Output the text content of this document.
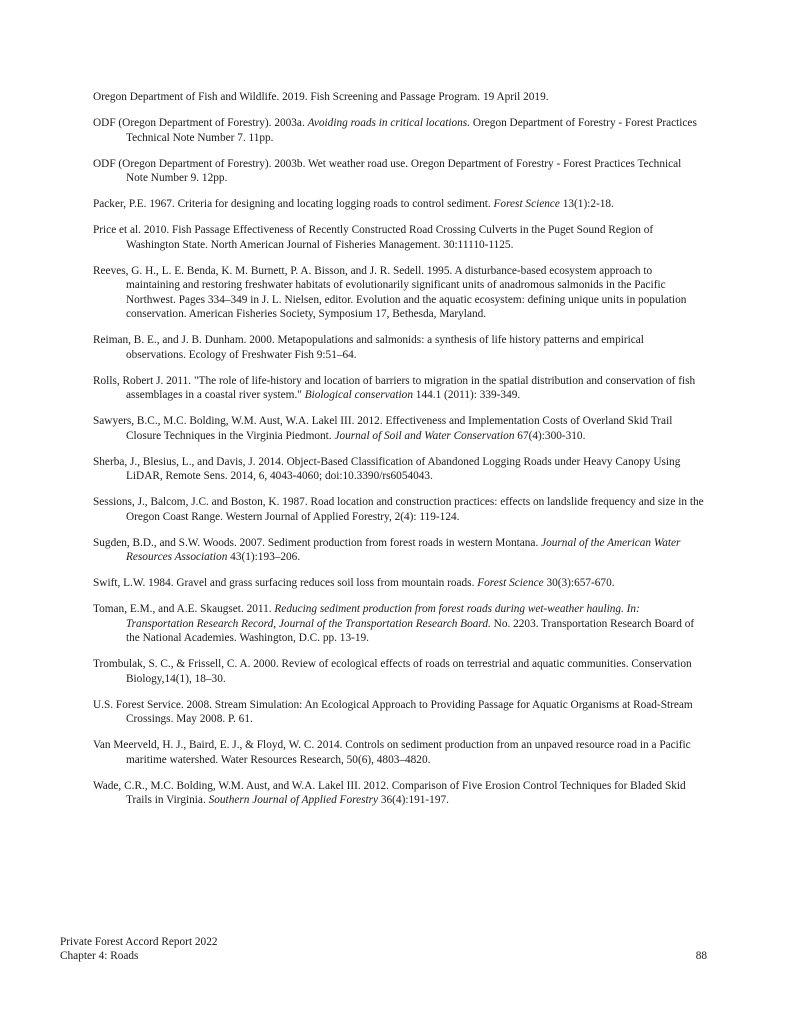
Oregon Department of Fish and Wildlife. 2019. Fish Screening and Passage Program. 19 April 2019.

ODF (Oregon Department of Forestry). 2003a. Avoiding roads in critical locations. Oregon Department of Forestry - Forest Practices Technical Note Number 7. 11pp.

ODF (Oregon Department of Forestry). 2003b. Wet weather road use. Oregon Department of Forestry - Forest Practices Technical Note Number 9. 12pp.

Packer, P.E. 1967. Criteria for designing and locating logging roads to control sediment. Forest Science 13(1):2-18.

Price et al. 2010. Fish Passage Effectiveness of Recently Constructed Road Crossing Culverts in the Puget Sound Region of Washington State. North American Journal of Fisheries Management. 30:11110-1125.

Reeves, G. H., L. E. Benda, K. M. Burnett, P. A. Bisson, and J. R. Sedell. 1995. A disturbance-based ecosystem approach to maintaining and restoring freshwater habitats of evolutionarily significant units of anadromous salmonids in the Pacific Northwest. Pages 334–349 in J. L. Nielsen, editor. Evolution and the aquatic ecosystem: defining unique units in population conservation. American Fisheries Society, Symposium 17, Bethesda, Maryland.

Reiman, B. E., and J. B. Dunham. 2000. Metapopulations and salmonids: a synthesis of life history patterns and empirical observations. Ecology of Freshwater Fish 9:51–64.

Rolls, Robert J. 2011. "The role of life-history and location of barriers to migration in the spatial distribution and conservation of fish assemblages in a coastal river system." Biological conservation 144.1 (2011): 339-349.

Sawyers, B.C., M.C. Bolding, W.M. Aust, W.A. Lakel III. 2012. Effectiveness and Implementation Costs of Overland Skid Trail Closure Techniques in the Virginia Piedmont. Journal of Soil and Water Conservation 67(4):300-310.

Sherba, J., Blesius, L., and Davis, J. 2014. Object-Based Classification of Abandoned Logging Roads under Heavy Canopy Using LiDAR, Remote Sens. 2014, 6, 4043-4060; doi:10.3390/rs6054043.

Sessions, J., Balcom, J.C. and Boston, K. 1987. Road location and construction practices: effects on landslide frequency and size in the Oregon Coast Range. Western Journal of Applied Forestry, 2(4): 119-124.

Sugden, B.D., and S.W. Woods. 2007. Sediment production from forest roads in western Montana. Journal of the American Water Resources Association 43(1):193–206.

Swift, L.W. 1984. Gravel and grass surfacing reduces soil loss from mountain roads. Forest Science 30(3):657-670.

Toman, E.M., and A.E. Skaugset. 2011. Reducing sediment production from forest roads during wet-weather hauling. In: Transportation Research Record, Journal of the Transportation Research Board. No. 2203. Transportation Research Board of the National Academies. Washington, D.C. pp. 13-19.

Trombulak, S. C., & Frissell, C. A. 2000. Review of ecological effects of roads on terrestrial and aquatic communities. Conservation Biology,14(1), 18–30.

U.S. Forest Service. 2008. Stream Simulation: An Ecological Approach to Providing Passage for Aquatic Organisms at Road-Stream Crossings. May 2008. P. 61.

Van Meerveld, H. J., Baird, E. J., & Floyd, W. C. 2014. Controls on sediment production from an unpaved resource road in a Pacific maritime watershed. Water Resources Research, 50(6), 4803–4820.

Wade, C.R., M.C. Bolding, W.M. Aust, and W.A. Lakel III. 2012. Comparison of Five Erosion Control Techniques for Bladed Skid Trails in Virginia. Southern Journal of Applied Forestry 36(4):191-197.

Private Forest Accord Report 2022
Chapter 4: Roads	88
